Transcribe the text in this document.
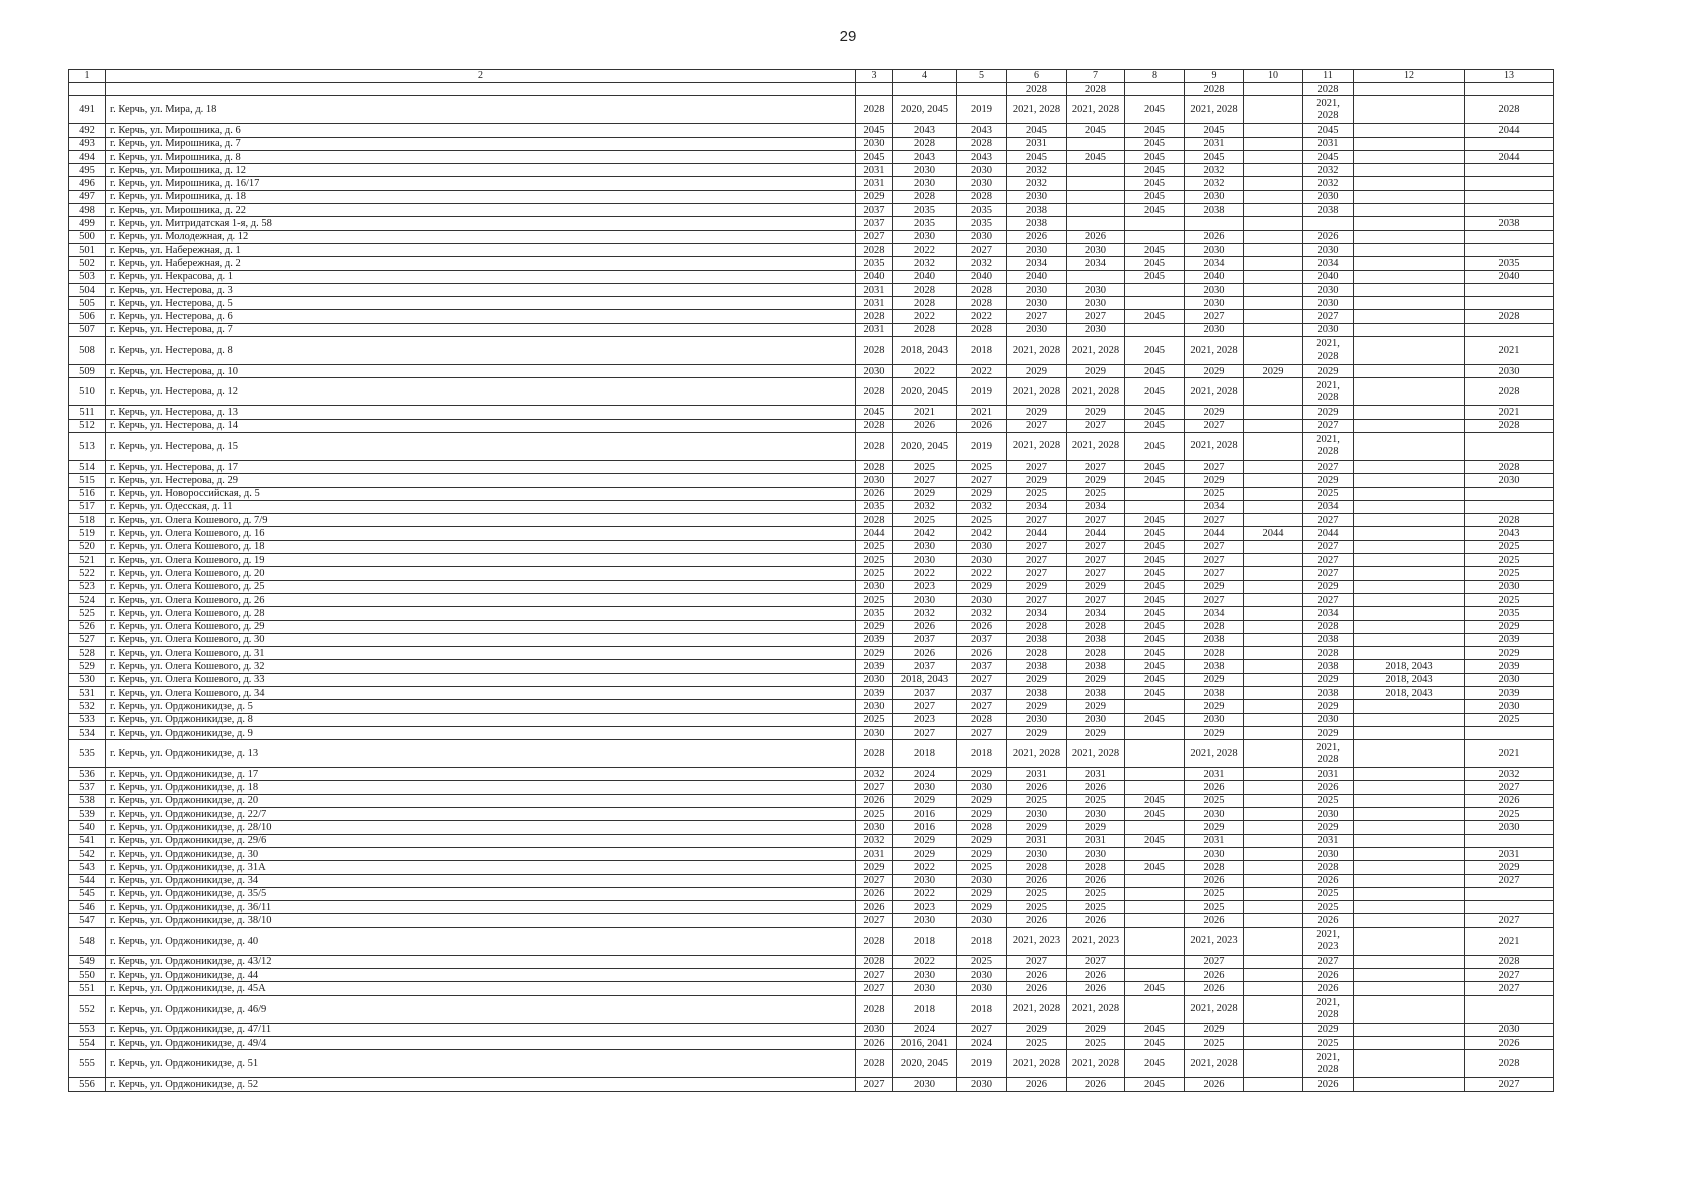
29
1	2	3	4	5	6	7	8	9	10	11	12	13
					2028	2028		2028		2028		
491	г. Керчь, ул. Мира, д. 18	2028	2020, 2045	2019	2021, 2028	2021, 2028	2045	2021, 2028		2021, 2028		2028
492	г. Керчь, ул. Мирошника, д. 6	2045	2043	2043	2045	2045	2045	2045		2045		2044
493	г. Керчь, ул. Мирошника, д. 7	2030	2028	2028	2031		2045	2031		2031		
494	г. Керчь, ул. Мирошника, д. 8	2045	2043	2043	2045	2045	2045	2045		2045		2044
495	г. Керчь, ул. Мирошника, д. 12	2031	2030	2030	2032		2045	2032		2032		
496	г. Керчь, ул. Мирошника, д. 16/17	2031	2030	2030	2032		2045	2032		2032		
497	г. Керчь, ул. Мирошника, д. 18	2029	2028	2028	2030		2045	2030		2030		
498	г. Керчь, ул. Мирошника, д. 22	2037	2035	2035	2038		2045	2038		2038		
499	г. Керчь, ул. Митридатская 1-я, д. 58	2037	2035	2035	2038							2038
500	г. Керчь, ул. Молодежная, д. 12	2027	2030	2030	2026	2026		2026		2026		
501	г. Керчь, ул. Набережная, д. 1	2028	2022	2027	2030	2030	2045	2030		2030		
502	г. Керчь, ул. Набережная, д. 2	2035	2032	2032	2034	2034	2045	2034		2034		2035
503	г. Керчь, ул. Некрасова, д. 1	2040	2040	2040	2040		2045	2040		2040		2040
504	г. Керчь, ул. Нестерова, д. 3	2031	2028	2028	2030	2030		2030		2030		
505	г. Керчь, ул. Нестерова, д. 5	2031	2028	2028	2030	2030		2030		2030		
506	г. Керчь, ул. Нестерова, д. 6	2028	2022	2022	2027	2027	2045	2027		2027		2028
507	г. Керчь, ул. Нестерова, д. 7	2031	2028	2028	2030	2030		2030		2030		
508	г. Керчь, ул. Нестерова, д. 8	2028	2018, 2043	2018	2021, 2028	2021, 2028	2045	2021, 2028		2021, 2028		2021
509	г. Керчь, ул. Нестерова, д. 10	2030	2022	2022	2029	2029	2045	2029	2029	2029		2030
510	г. Керчь, ул. Нестерова, д. 12	2028	2020, 2045	2019	2021, 2028	2021, 2028	2045	2021, 2028		2021, 2028		2028
511	г. Керчь, ул. Нестерова, д. 13	2045	2021	2021	2029	2029	2045	2029		2029		2021
512	г. Керчь, ул. Нестерова, д. 14	2028	2026	2026	2027	2027	2045	2027		2027		2028
513	г. Керчь, ул. Нестерова, д. 15	2028	2020, 2045	2019	2021, 2028	2021, 2028	2045	2021, 2028		2021, 2028		
514	г. Керчь, ул. Нестерова, д. 17	2028	2025	2025	2027	2027	2045	2027		2027		2028
515	г. Керчь, ул. Нестерова, д. 29	2030	2027	2027	2029	2029	2045	2029		2029		2030
516	г. Керчь, ул. Новороссийская, д. 5	2026	2029	2029	2025	2025		2025		2025		
517	г. Керчь, ул. Одесская, д. 11	2035	2032	2032	2034	2034		2034		2034		
518	г. Керчь, ул. Олега Кошевого, д. 7/9	2028	2025	2025	2027	2027	2045	2027		2027		2028
519	г. Керчь, ул. Олега Кошевого, д. 16	2044	2042	2042	2044	2044	2045	2044	2044	2044		2043
520	г. Керчь, ул. Олега Кошевого, д. 18	2025	2030	2030	2027	2027	2045	2027		2027		2025
521	г. Керчь, ул. Олега Кошевого, д. 19	2025	2030	2030	2027	2027	2045	2027		2027		2025
522	г. Керчь, ул. Олега Кошевого, д. 20	2025	2022	2022	2027	2027	2045	2027		2027		2025
523	г. Керчь, ул. Олега Кошевого, д. 25	2030	2023	2029	2029	2029	2045	2029		2029		2030
524	г. Керчь, ул. Олега Кошевого, д. 26	2025	2030	2030	2027	2027	2045	2027		2027		2025
525	г. Керчь, ул. Олега Кошевого, д. 28	2035	2032	2032	2034	2034	2045	2034		2034		2035
526	г. Керчь, ул. Олега Кошевого, д. 29	2029	2026	2026	2028	2028	2045	2028		2028		2029
527	г. Керчь, ул. Олега Кошевого, д. 30	2039	2037	2037	2038	2038	2045	2038		2038		2039
528	г. Керчь, ул. Олега Кошевого, д. 31	2029	2026	2026	2028	2028	2045	2028		2028		2029
529	г. Керчь, ул. Олега Кошевого, д. 32	2039	2037	2037	2038	2038	2045	2038		2038	2018, 2043	2039
530	г. Керчь, ул. Олега Кошевого, д. 33	2030	2018, 2043	2027	2029	2029	2045	2029		2029	2018, 2043	2030
531	г. Керчь, ул. Олега Кошевого, д. 34	2039	2037	2037	2038	2038	2045	2038		2038	2018, 2043	2039
532	г. Керчь, ул. Орджоникидзе, д. 5	2030	2027	2027	2029	2029		2029		2029		2030
533	г. Керчь, ул. Орджоникидзе, д. 8	2025	2023	2028	2030	2030	2045	2030		2030		2025
534	г. Керчь, ул. Орджоникидзе, д. 9	2030	2027	2027	2029	2029		2029		2029		
535	г. Керчь, ул. Орджоникидзе, д. 13	2028	2018	2018	2021, 2028	2021, 2028		2021, 2028		2021, 2028		2021
536	г. Керчь, ул. Орджоникидзе, д. 17	2032	2024	2029	2031	2031		2031		2031		2032
537	г. Керчь, ул. Орджоникидзе, д. 18	2027	2030	2030	2026	2026		2026		2026		2027
538	г. Керчь, ул. Орджоникидзе, д. 20	2026	2029	2029	2025	2025	2045	2025		2025		2026
539	г. Керчь, ул. Орджоникидзе, д. 22/7	2025	2016	2029	2030	2030	2045	2030		2030		2025
540	г. Керчь, ул. Орджоникидзе, д. 28/10	2030	2016	2028	2029	2029		2029		2029		2030
541	г. Керчь, ул. Орджоникидзе, д. 29/6	2032	2029	2029	2031	2031	2045	2031		2031		
542	г. Керчь, ул. Орджоникидзе, д. 30	2031	2029	2029	2030	2030		2030		2030		2031
543	г. Керчь, ул. Орджоникидзе, д. 31А	2029	2022	2025	2028	2028	2045	2028		2028		2029
544	г. Керчь, ул. Орджоникидзе, д. 34	2027	2030	2030	2026	2026		2026		2026		2027
545	г. Керчь, ул. Орджоникидзе, д. 35/5	2026	2022	2029	2025	2025		2025		2025		
546	г. Керчь, ул. Орджоникидзе, д. 36/11	2026	2023	2029	2025	2025		2025		2025		
547	г. Керчь, ул. Орджоникидзе, д. 38/10	2027	2030	2030	2026	2026		2026		2026		2027
548	г. Керчь, ул. Орджоникидзе, д. 40	2028	2018	2018	2021, 2023	2021, 2023		2021, 2023		2021, 2023		2021
549	г. Керчь, ул. Орджоникидзе, д. 43/12	2028	2022	2025	2027	2027		2027		2027		2028
550	г. Керчь, ул. Орджоникидзе, д. 44	2027	2030	2030	2026	2026		2026		2026		2027
551	г. Керчь, ул. Орджоникидзе, д. 45А	2027	2030	2030	2026	2026	2045	2026		2026		2027
552	г. Керчь, ул. Орджоникидзе, д. 46/9	2028	2018	2018	2021, 2028	2021, 2028		2021, 2028		2021, 2028		
553	г. Керчь, ул. Орджоникидзе, д. 47/11	2030	2024	2027	2029	2029	2045	2029		2029		2030
554	г. Керчь, ул. Орджоникидзе, д. 49/4	2026	2016, 2041	2024	2025	2025	2045	2025		2025		2026
555	г. Керчь, ул. Орджоникидзе, д. 51	2028	2020, 2045	2019	2021, 2028	2021, 2028	2045	2021, 2028		2021, 2028		2028
556	г. Керчь, ул. Орджоникидзе, д. 52	2027	2030	2030	2026	2026	2045	2026		2026		2027
